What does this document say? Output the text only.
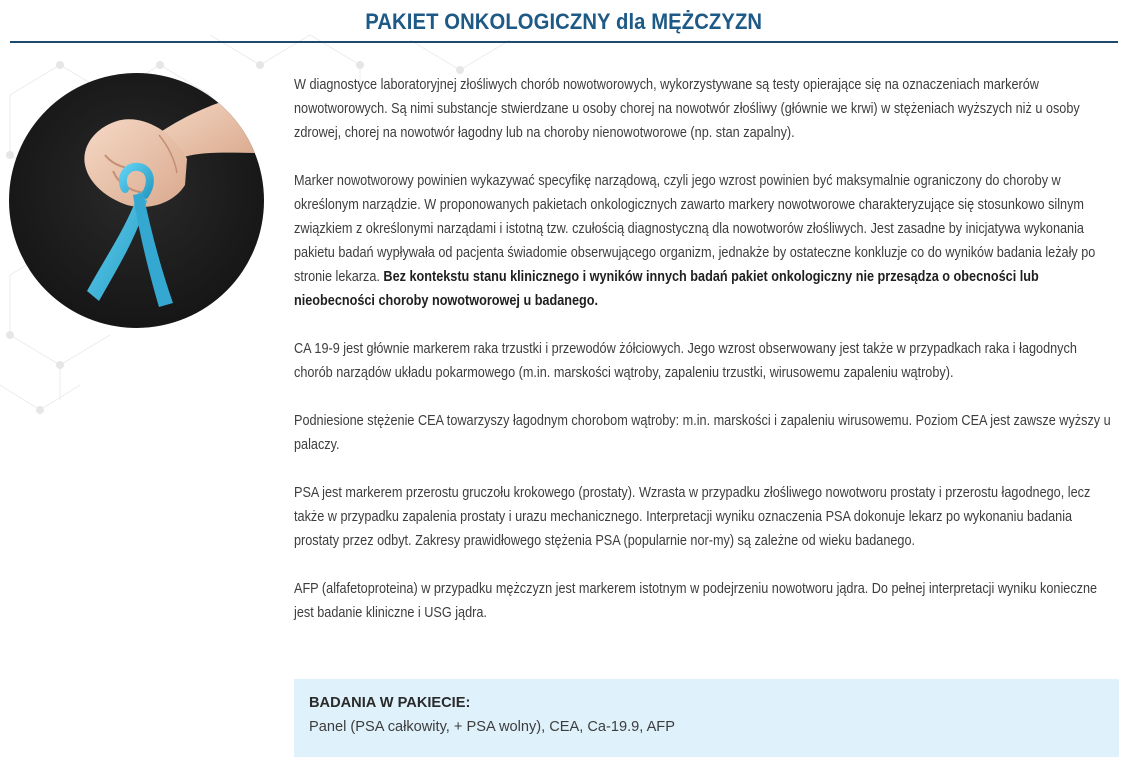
PAKIET ONKOLOGICZNY dla MĘŻCZYZN

W diagnostyce laboratoryjnej złośliwych chorób nowotworowych, wykorzystywane są testy opierające się na oznaczeniach markerów nowotworowych. Są nimi substancje stwierdzane u osoby chorej na nowotwór złośliwy (głównie we krwi) w stężeniach wyższych niż u osoby zdrowej, chorej na nowotwór łagodny lub na choroby nienowotworowe (np. stan zapalny).

Marker nowotworowy powinien wykazywać specyfikę narządową, czyli jego wzrost powinien być maksymalnie ograniczony do choroby w określonym narządzie. W proponowanych pakietach onkologicznych zawarto markery nowotworowe charakteryzujące się stosunkowo silnym związkiem z określonymi narządami i istotną tzw. czułością diagnostyczną dla nowotworów złośliwych. Jest zasadne by inicjatywa wykonania pakietu badań wypływała od pacjenta świadomie obserwującego organizm, jednakże by ostateczne konkluzje co do wyników badania leżały po stronie lekarza. Bez kontekstu stanu klinicznego i wyników innych badań pakiet onkologiczny nie przesądza o obecności lub nieobecności choroby nowotworowej u badanego.

CA 19-9 jest głównie markerem raka trzustki i przewodów żółciowych. Jego wzrost obserwowany jest także w przypadkach raka i łagodnych chorób narządów układu pokarmowego (m.in. marskości wątroby, zapaleniu trzustki, wirusowemu zapaleniu wątroby).

Podniesione stężenie CEA towarzyszy łagodnym chorobom wątroby: m.in. marskości i zapaleniu wirusowemu. Poziom CEA jest zawsze wyższy u palaczy.

PSA jest markerem przerostu gruczołu krokowego (prostaty). Wzrasta w przypadku złośliwego nowotworu prostaty i przerostu łagodnego, lecz także w przypadku zapalenia prostaty i urazu mechanicznego. Interpretacji wyniku oznaczenia PSA dokonuje lekarz po wykonaniu badania prostaty przez odbyt. Zakresy prawidłowego stężenia PSA (popularnie nor-my) są zależne od wieku badanego.

AFP (alfafetoproteina) w przypadku mężczyzn jest markerem istotnym w podejrzeniu nowotworu jądra. Do pełnej interpretacji wyniku konieczne jest badanie kliniczne i USG jądra.

BADANIA W PAKIECIE:
Panel (PSA całkowity, + PSA wolny), CEA, Ca-19.9, AFP
